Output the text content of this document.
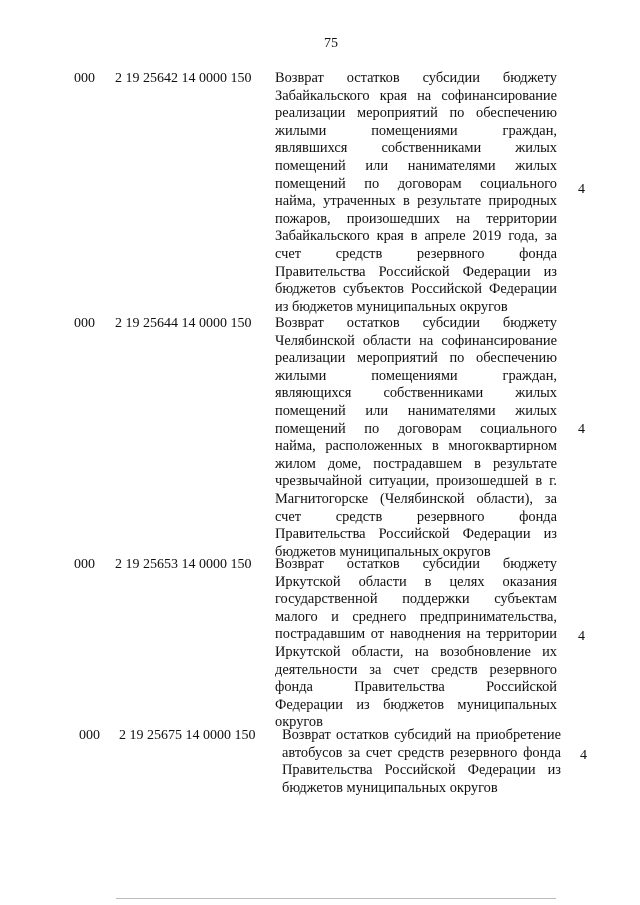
75
000 2 19 25642 14 0000 150 Возврат остатков субсидии бюджету
Забайкальского края на софинансирование
реализации мероприятий по обеспечению
жилыми помещениями граждан,
являвшихся собственниками жилых
помещений или нанимателями жилых
помещений по договорам социального
найма, утраченных в результате природных
пожаров, произошедших на территории
Забайкальского края в апреле 2019 года, за
счет средств резервного фонда
Правительства Российской Федерации из
бюджетов субъектов Российской Федерации
из бюджетов муниципальных округов
4
000 2 19 25644 14 0000 150 Возврат остатков субсидии бюджету
Челябинской области на софинансирование
реализации мероприятий по обеспечению
жилыми помещениями граждан,
являющихся собственниками жилых
помещений или нанимателями жилых
помещений по договорам социального
найма, расположенных в многоквартирном
жилом доме, пострадавшем в результате
чрезвычайной ситуации, произошедшей в г.
Магнитогорске (Челябинской области), за
счет средств резервного фонда
Правительства Российской Федерации из
бюджетов муниципальных округов
4
000 2 19 25653 14 0000 150 Возврат остатков субсидии бюджету
Иркутской области в целях оказания
государственной поддержки субъектам
малого и среднего предпринимательства,
пострадавшим от наводнения на территории
Иркутской области, на возобновление их
деятельности за счет средств резервного
фонда Правительства Российской
Федерации из бюджетов муниципальных
округов
4
000 2 19 25675 14 0000 150 Возврат остатков субсидий на приобретение
автобусов за счет средств резервного фонда
Правительства Российской Федерации из
бюджетов муниципальных округов
4
